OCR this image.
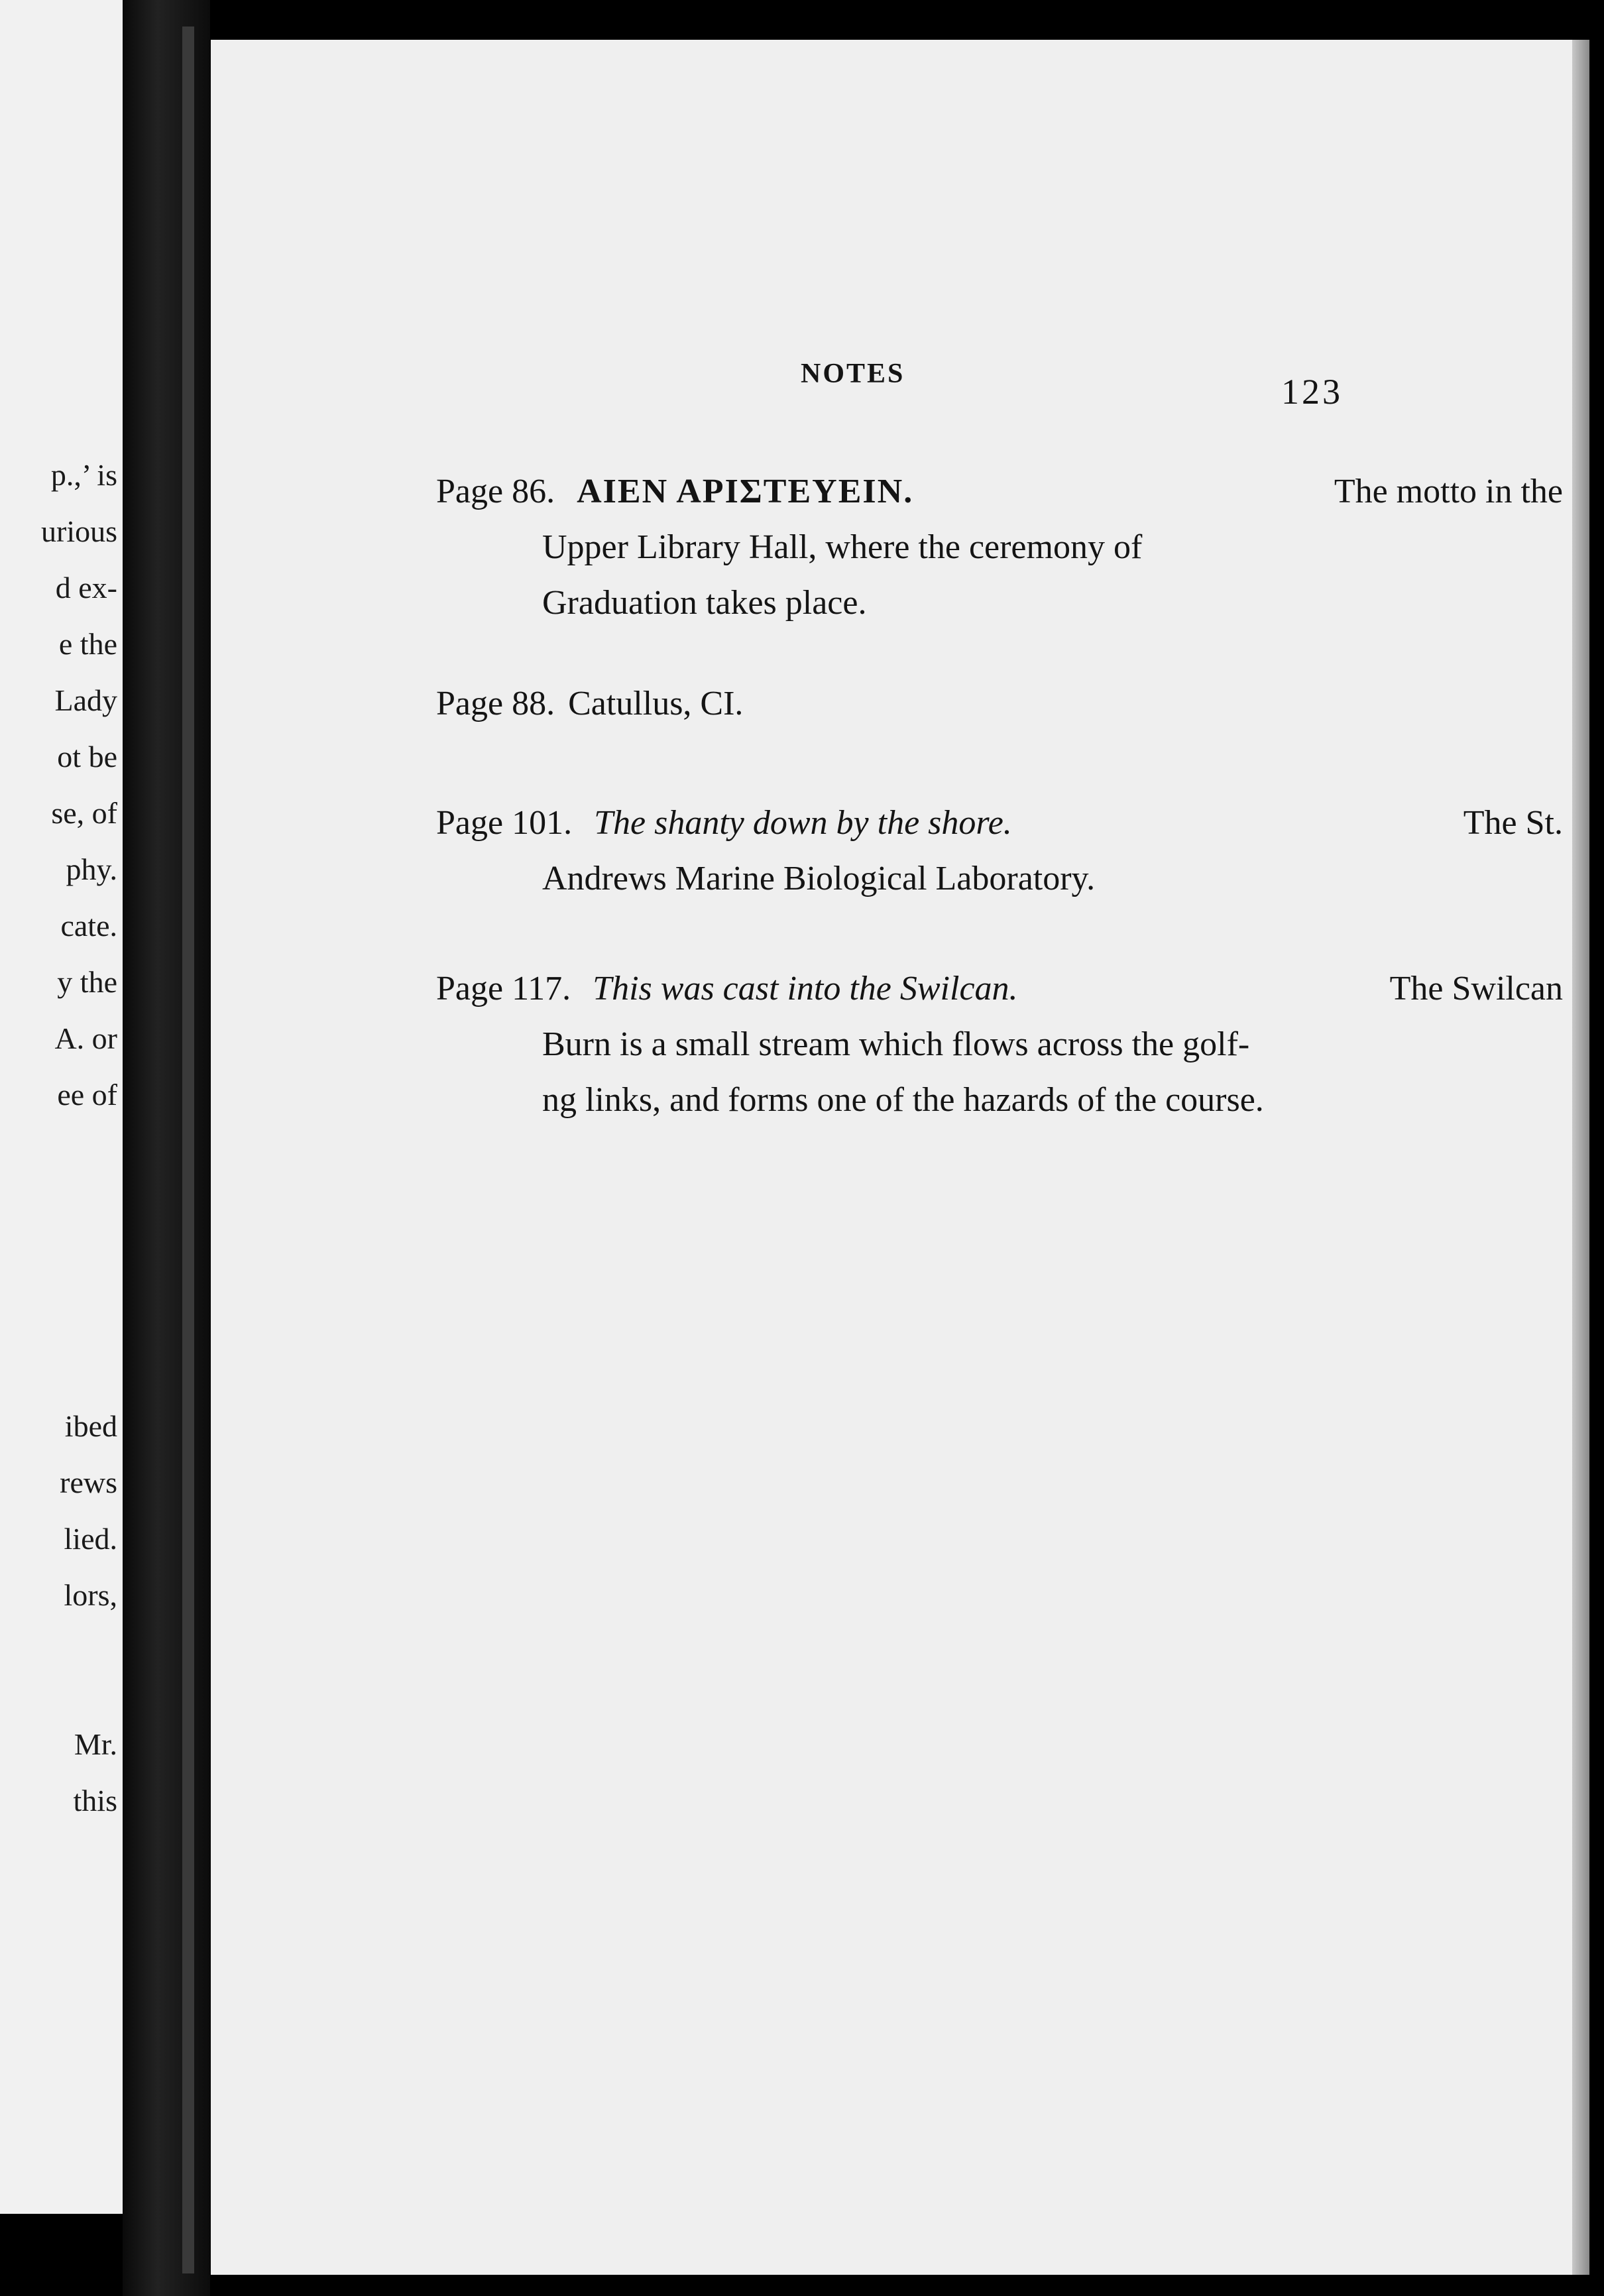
p.,’ is
urious
d ex-
e the
Lady
ot be
se, of
phy.
cate.
y the
A. or
ee of
ibed
rews
lied.
lors,
Mr.
this
NOTES	123
Page 86. ΑΙΕΝ ΑΡΙΣΤΕΥΕΙΝ.	The motto in the
Upper Library Hall, where the ceremony of
Graduation takes place.
Page 88. Catullus, CI.
Page 101. The shanty down by the shore.	The St.
Andrews Marine Biological Laboratory.
Page 117. This was cast into the Swilcan.	The Swilcan
Burn is a small stream which flows across the golf-
ng links, and forms one of the hazards of the course.
